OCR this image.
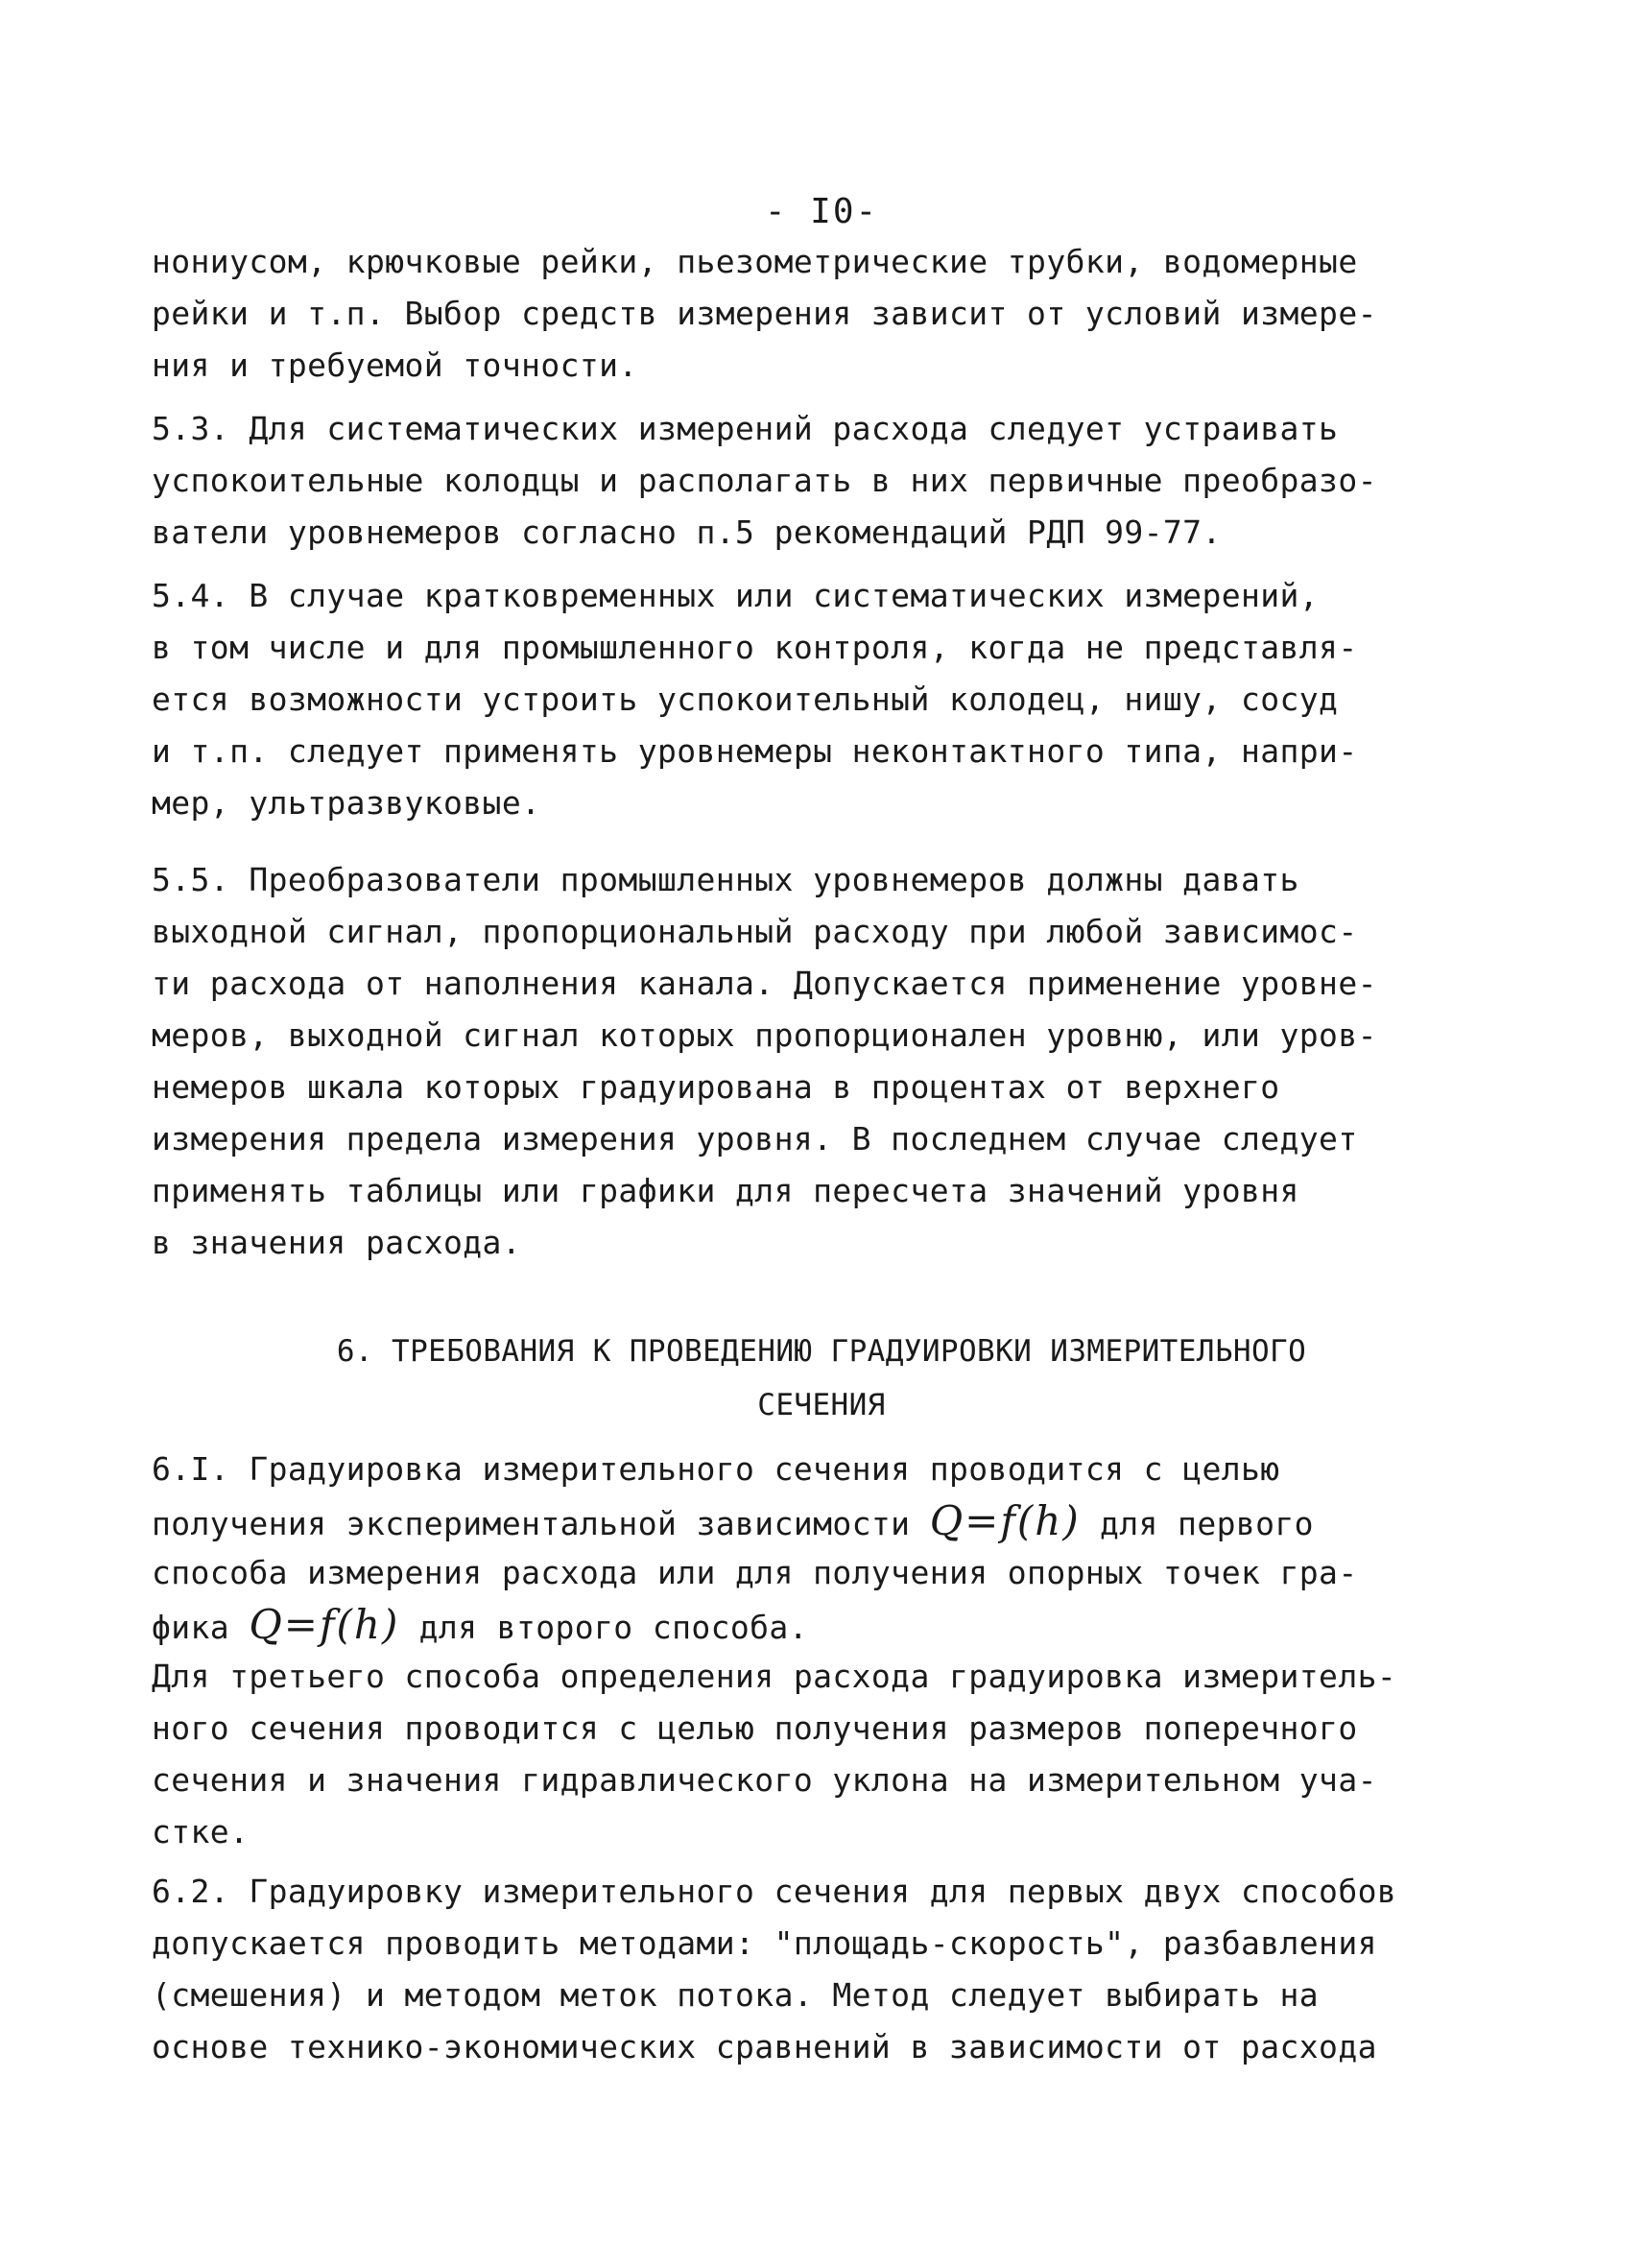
- I0-
нониусом, крючковые рейки, пьезометрические трубки, водомерные
рейки и т.п. Выбор средств измерения зависит от условий измере-
ния и требуемой точности.
5.3. Для систематических измерений расхода следует устраивать
успокоительные колодцы и располагать в них первичные преобразо-
ватели уровнемеров согласно п.5 рекомендаций РДП 99-77.
5.4. В случае кратковременных или систематических измерений,
в том числе и для промышленного контроля, когда не представля-
ется возможности устроить успокоительный колодец, нишу, сосуд
и т.п. следует применять уровнемеры неконтактного типа, напри-
мер, ультразвуковые.
5.5. Преобразователи промышленных уровнемеров должны давать
выходной сигнал, пропорциональный расходу при любой зависимос-
ти расхода от наполнения канала. Допускается применение уровне-
меров, выходной сигнал которых пропорционален уровню, или уров-
немеров шкала которых градуирована в процентах от верхнего
измерения предела измерения уровня. В последнем случае следует
применять таблицы или графики для пересчета значений уровня
в значения расхода.
6. ТРЕБОВАНИЯ К ПРОВЕДЕНИЮ ГРАДУИРОВКИ ИЗМЕРИТЕЛЬНОГО
СЕЧЕНИЯ
6.I. Градуировка измерительного сечения проводится с целью
получения экспериментальной зависимости Q=f(h) для первого
способа измерения расхода или для получения опорных точек гра-
фика Q=f(h) для второго способа.
Для третьего способа определения расхода градуировка измеритель-
ного сечения проводится с целью получения размеров поперечного
сечения и значения гидравлического уклона на измерительном уча-
стке.
6.2. Градуировку измерительного сечения для первых двух способов
допускается проводить методами: "площадь-скорость", разбавления
(смешения) и методом меток потока. Метод следует выбирать на
основе технико-экономических сравнений в зависимости от расхода
